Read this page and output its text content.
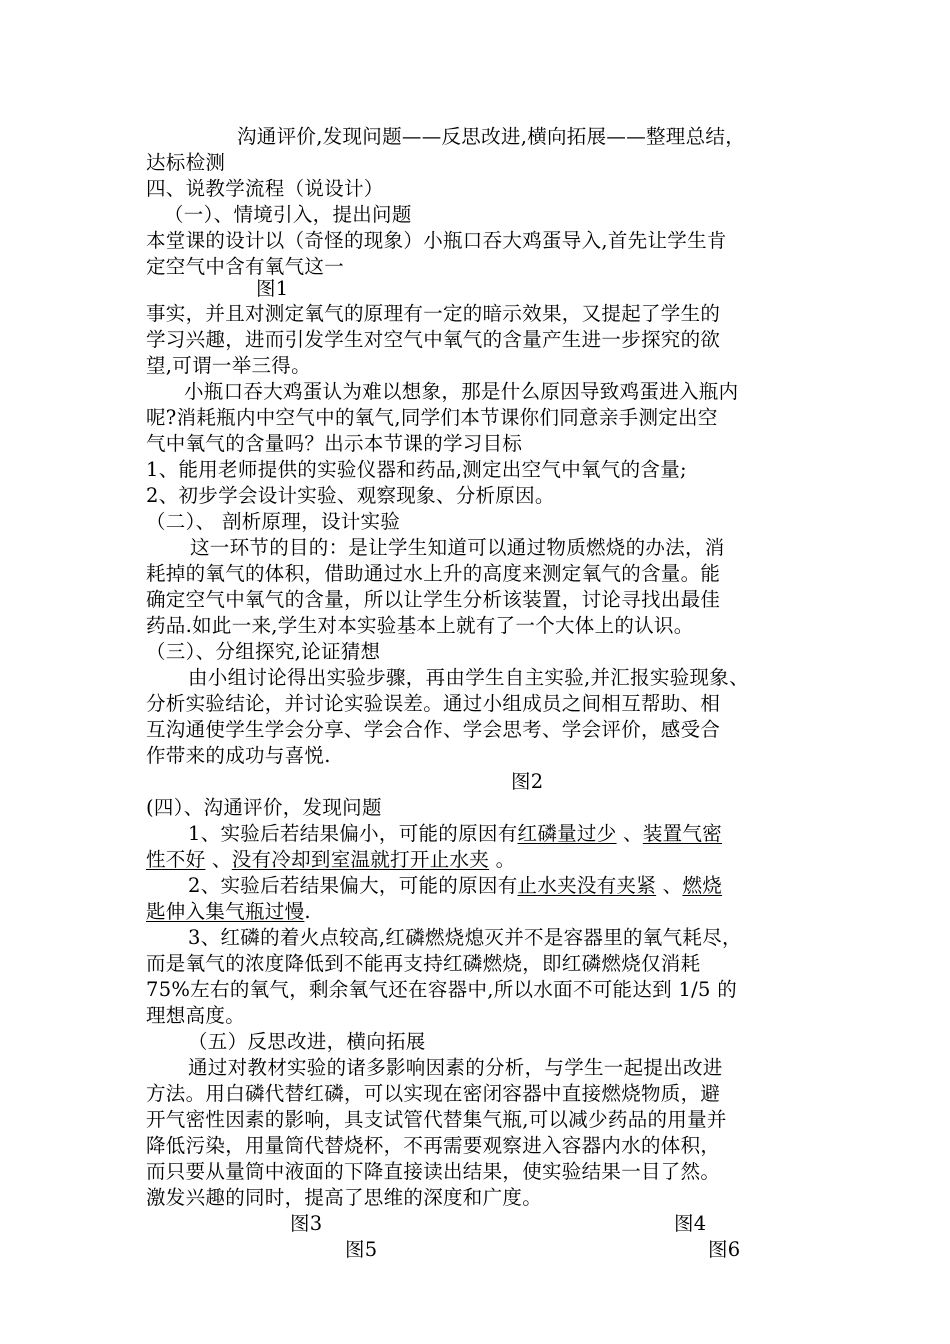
沟通评价,发现问题——反思改进,横向拓展——整理总结，
达标检测
四、说教学流程（说设计）
（一）、情境引入，提出问题
本堂课的设计以（奇怪的现象）小瓶口吞大鸡蛋导入,首先让学生肯
定空气中含有氧气这一
图1
事实，并且对测定氧气的原理有一定的暗示效果，又提起了学生的
学习兴趣，进而引发学生对空气中氧气的含量产生进一步探究的欲
望,可谓一举三得。
小瓶口吞大鸡蛋认为难以想象，那是什么原因导致鸡蛋进入瓶内
呢?消耗瓶内中空气中的氧气,同学们本节课你们同意亲手测定出空
气中氧气的含量吗？出示本节课的学习目标
1、能用老师提供的实验仪器和药品,测定出空气中氧气的含量;
2、初步学会设计实验、观察现象、分析原因。
（二）、 剖析原理，设计实验
这一环节的目的：是让学生知道可以通过物质燃烧的办法，消
耗掉的氧气的体积，借助通过水上升的高度来测定氧气的含量。能
确定空气中氧气的含量，所以让学生分析该装置，讨论寻找出最佳
药品.如此一来,学生对本实验基本上就有了一个大体上的认识。
（三）、分组探究,论证猜想
由小组讨论得出实验步骤，再由学生自主实验,并汇报实验现象、
分析实验结论，并讨论实验误差。通过小组成员之间相互帮助、相
互沟通使学生学会分享、学会合作、学会思考、学会评价，感受合
作带来的成功与喜悦.
图2
(四）、沟通评价，发现问题
1、实验后若结果偏小，可能的原因有红磷量过少 、装置气密
性不好 、没有冷却到室温就打开止水夹 。
2、实验后若结果偏大，可能的原因有止水夹没有夹紧 、燃烧
匙伸入集气瓶过慢.
3、红磷的着火点较高,红磷燃烧熄灭并不是容器里的氧气耗尽，
而是氧气的浓度降低到不能再支持红磷燃烧，即红磷燃烧仅消耗
75%左右的氧气，剩余氧气还在容器中,所以水面不可能达到 1/5 的
理想高度。
（五）反思改进，横向拓展
通过对教材实验的诸多影响因素的分析，与学生一起提出改进
方法。用白磷代替红磷，可以实现在密闭容器中直接燃烧物质，避
开气密性因素的影响，具支试管代替集气瓶,可以减少药品的用量并
降低污染，用量筒代替烧杯，不再需要观察进入容器内水的体积，
而只要从量筒中液面的下降直接读出结果，使实验结果一目了然。
激发兴趣的同时，提高了思维的深度和广度。
图3	图4
图5	图6
